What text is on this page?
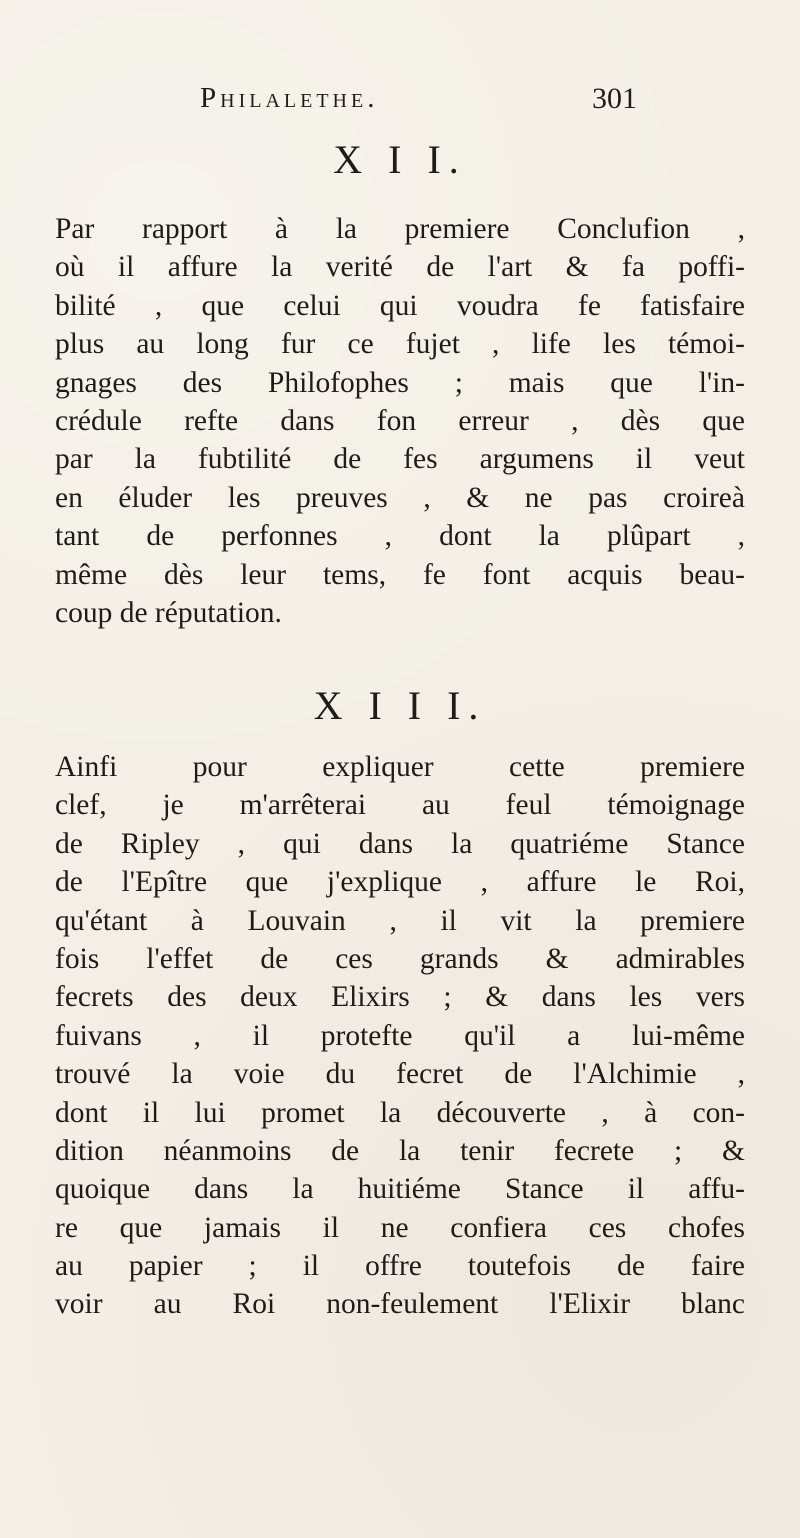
Philalethe.	301
X I I.
Par rapport à la premiere Conclufion ,
où il affure la verité de l'art & fa poffi-
bilité , que celui qui voudra fe fatisfaire
plus au long fur ce fujet , life les témoi-
gnages des Philofophes ; mais que l'in-
crédule refte dans fon erreur , dès que
par la fubtilité de fes argumens il veut
en éluder les preuves , & ne pas croireà
tant de perfonnes , dont la plûpart ,
même dès leur tems, fe font acquis beau-
coup de réputation.
X I I I.
Ainfi pour expliquer cette premiere
clef, je m'arrêterai au feul témoignage
de Ripley , qui dans la quatriéme Stance
de l'Epître que j'explique , affure le Roi,
qu'étant à Louvain , il vit la premiere
fois l'effet de ces grands & admirables
fecrets des deux Elixirs ; & dans les vers
fuivans , il protefte qu'il a lui-même
trouvé la voie du fecret de l'Alchimie ,
dont il lui promet la découverte , à con-
dition néanmoins de la tenir fecrete ; &
quoique dans la huitiéme Stance il affu-
re que jamais il ne confiera ces chofes
au papier ; il offre toutefois de faire
voir au Roi non-feulement l'Elixir blanc
